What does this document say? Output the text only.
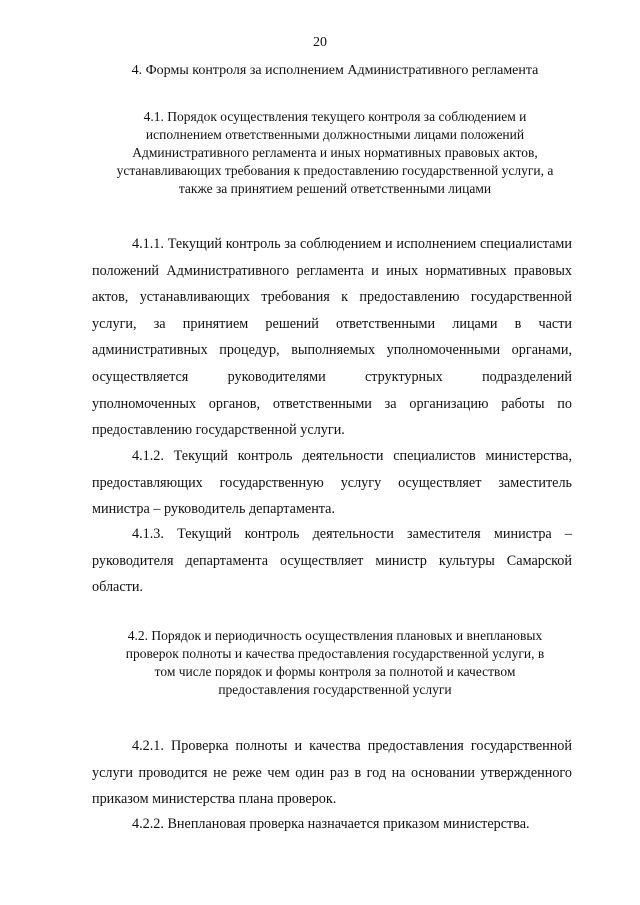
20
4. Формы контроля за исполнением Административного регламента
4.1. Порядок осуществления текущего контроля за соблюдением и исполнением ответственными должностными лицами положений Административного регламента и иных нормативных правовых актов, устанавливающих требования к предоставлению государственной услуги, а также за принятием решений ответственными лицами
4.1.1. Текущий контроль за соблюдением и исполнением специалистами положений Административного регламента и иных нормативных правовых актов, устанавливающих требования к предоставлению государственной услуги, за принятием решений ответственными лицами в части административных процедур, выполняемых уполномоченными органами, осуществляется руководителями структурных подразделений уполномоченных органов, ответственными за организацию работы по предоставлению государственной услуги.
4.1.2. Текущий контроль деятельности специалистов министерства, предоставляющих государственную услугу осуществляет заместитель министра – руководитель департамента.
4.1.3. Текущий контроль деятельности заместителя министра – руководителя департамента осуществляет министр культуры Самарской области.
4.2. Порядок и периодичность осуществления плановых и внеплановых проверок полноты и качества предоставления государственной услуги, в том числе порядок и формы контроля за полнотой и качеством предоставления государственной услуги
4.2.1. Проверка полноты и качества предоставления государственной услуги проводится не реже чем один раз в год на основании утвержденного приказом министерства плана проверок.
4.2.2. Внеплановая проверка назначается приказом министерства.
